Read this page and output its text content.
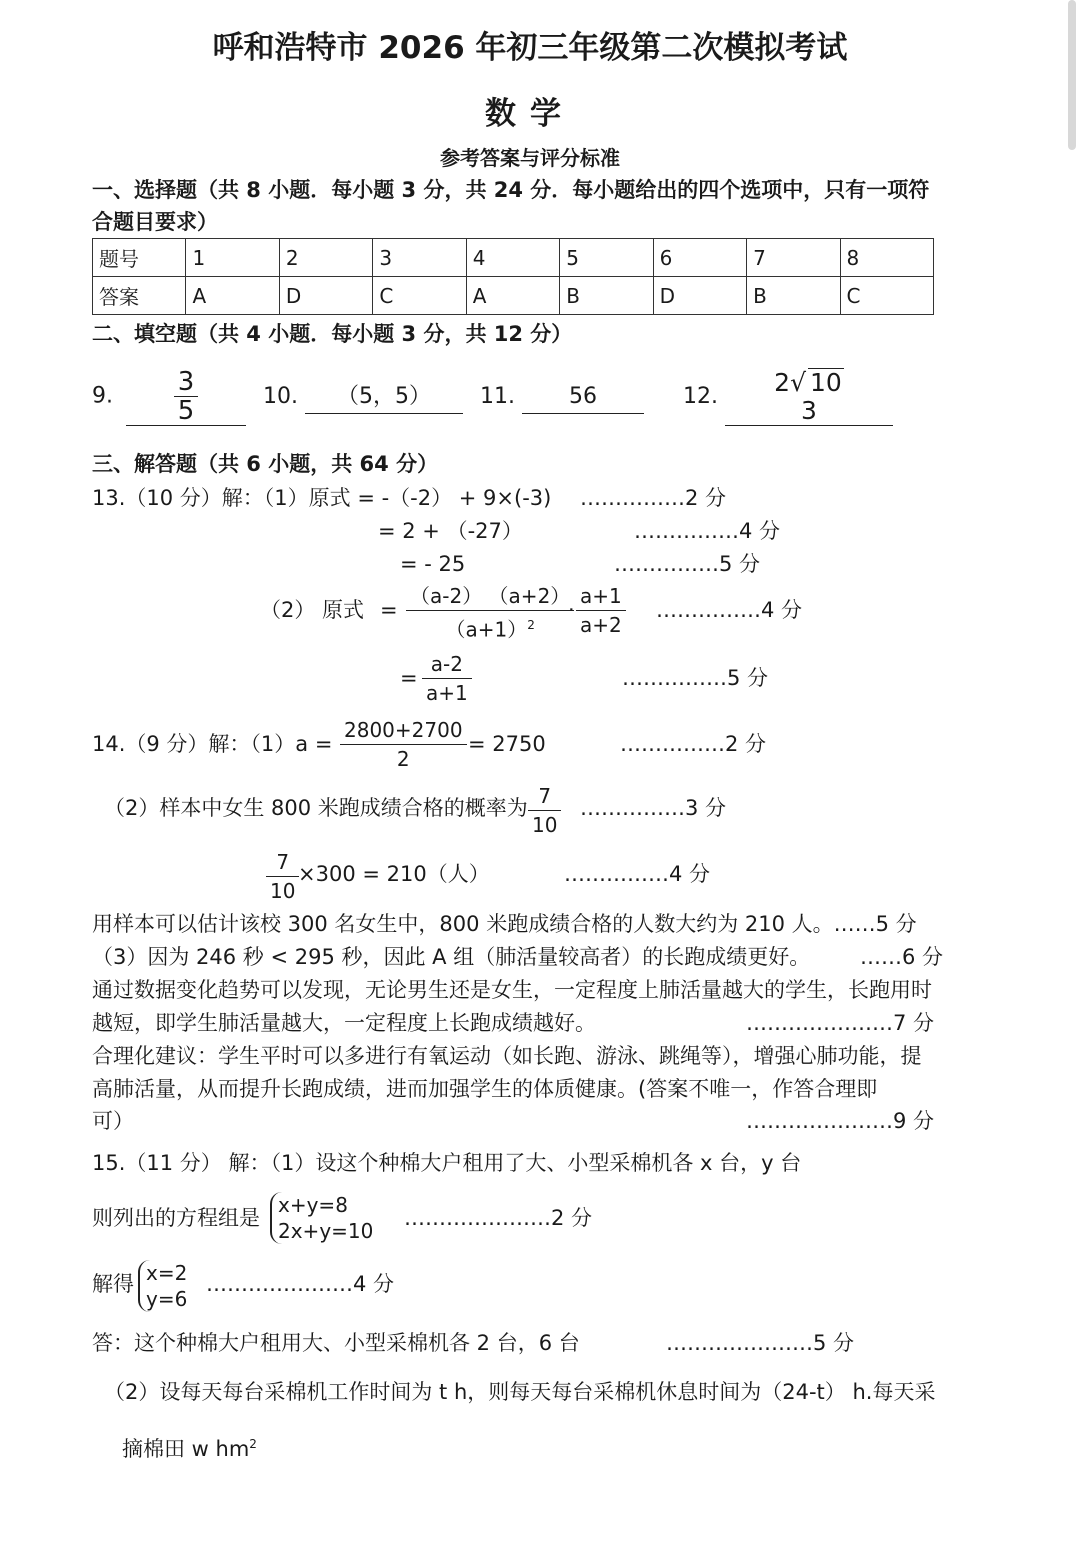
呼和浩特市 2026 年初三年级第二次模拟考试
数学
参考答案与评分标准
一、选择题（共 8 小题．每小题 3 分，共 24 分．每小题给出的四个选项中，只有一项符
合题目要求）
题号	1	2	3	4	5	6	7	8
答案	A	D	C	A	B	D	B	C
二、填空题（共 4 小题．每小题 3 分，共 12 分）
9. $\frac{3}{5}$	10. （5，5） 11. 56	12. 2√ 10
3
三、解答题（共 6 小题，共 64 分）
13.（10 分）解：（1）原式 = -（-2） + 9×(-3) ……………2 分
= 2 + （-27）	……………4 分
= - 25	……………5 分
（2） 原式 = $\frac{(a-2) (a+2)}{(a+1)^2}$
· $\frac{a+1}{a+2}$ ……………4 分
= $\frac{a-2}{a+1}$	……………5 分
14.（9 分）解：$(1)a = \frac{2800+2700}{2} = 2750$	……………2 分
（2）样本中女生 800 米跑成绩合格的概率为 $\frac{7}{10}$ ……………3 分
$\frac{7}{10}$
×300 = 210（人）	……………4 分
用样本可以估计该校 300 名女生中，800 米跑成绩合格的人数大约为 210 人。……5 分
（3）因为 246 秒 < 295 秒，因此 A 组（肺活量较高者）的长跑成绩更好。 ……6 分
通过数据变化趋势可以发现，无论男生还是女生，一定程度上肺活量越大的学生，长跑用时
越短，即学生肺活量越大，一定程度上长跑成绩越好。	…………………7 分
合理化建议：学生平时可以多进行有氧运动（如长跑、游泳、跳绳等），增强心肺功能，提
高肺活量，从而提升长跑成绩，进而加强学生的体质健康。(答案不唯一，作答合理即
可）	…………………9 分
15.（11 分） 解：（1）设这个种棉大户租用了大、小型采棉机各 x 台，y 台
则列出的方程组是
x+y=8
2x+y=10
…………………2 分
解得 x=2
y=6
…………………4 分
答：这个种棉大户租用大、小型采棉机各 2 台，6 台	…………………5 分
（2）设每天每台采棉机工作时间为 t h，则每天每台采棉机休息时间为（24-t） h.每天采
摘棉田 w $hm^2$
